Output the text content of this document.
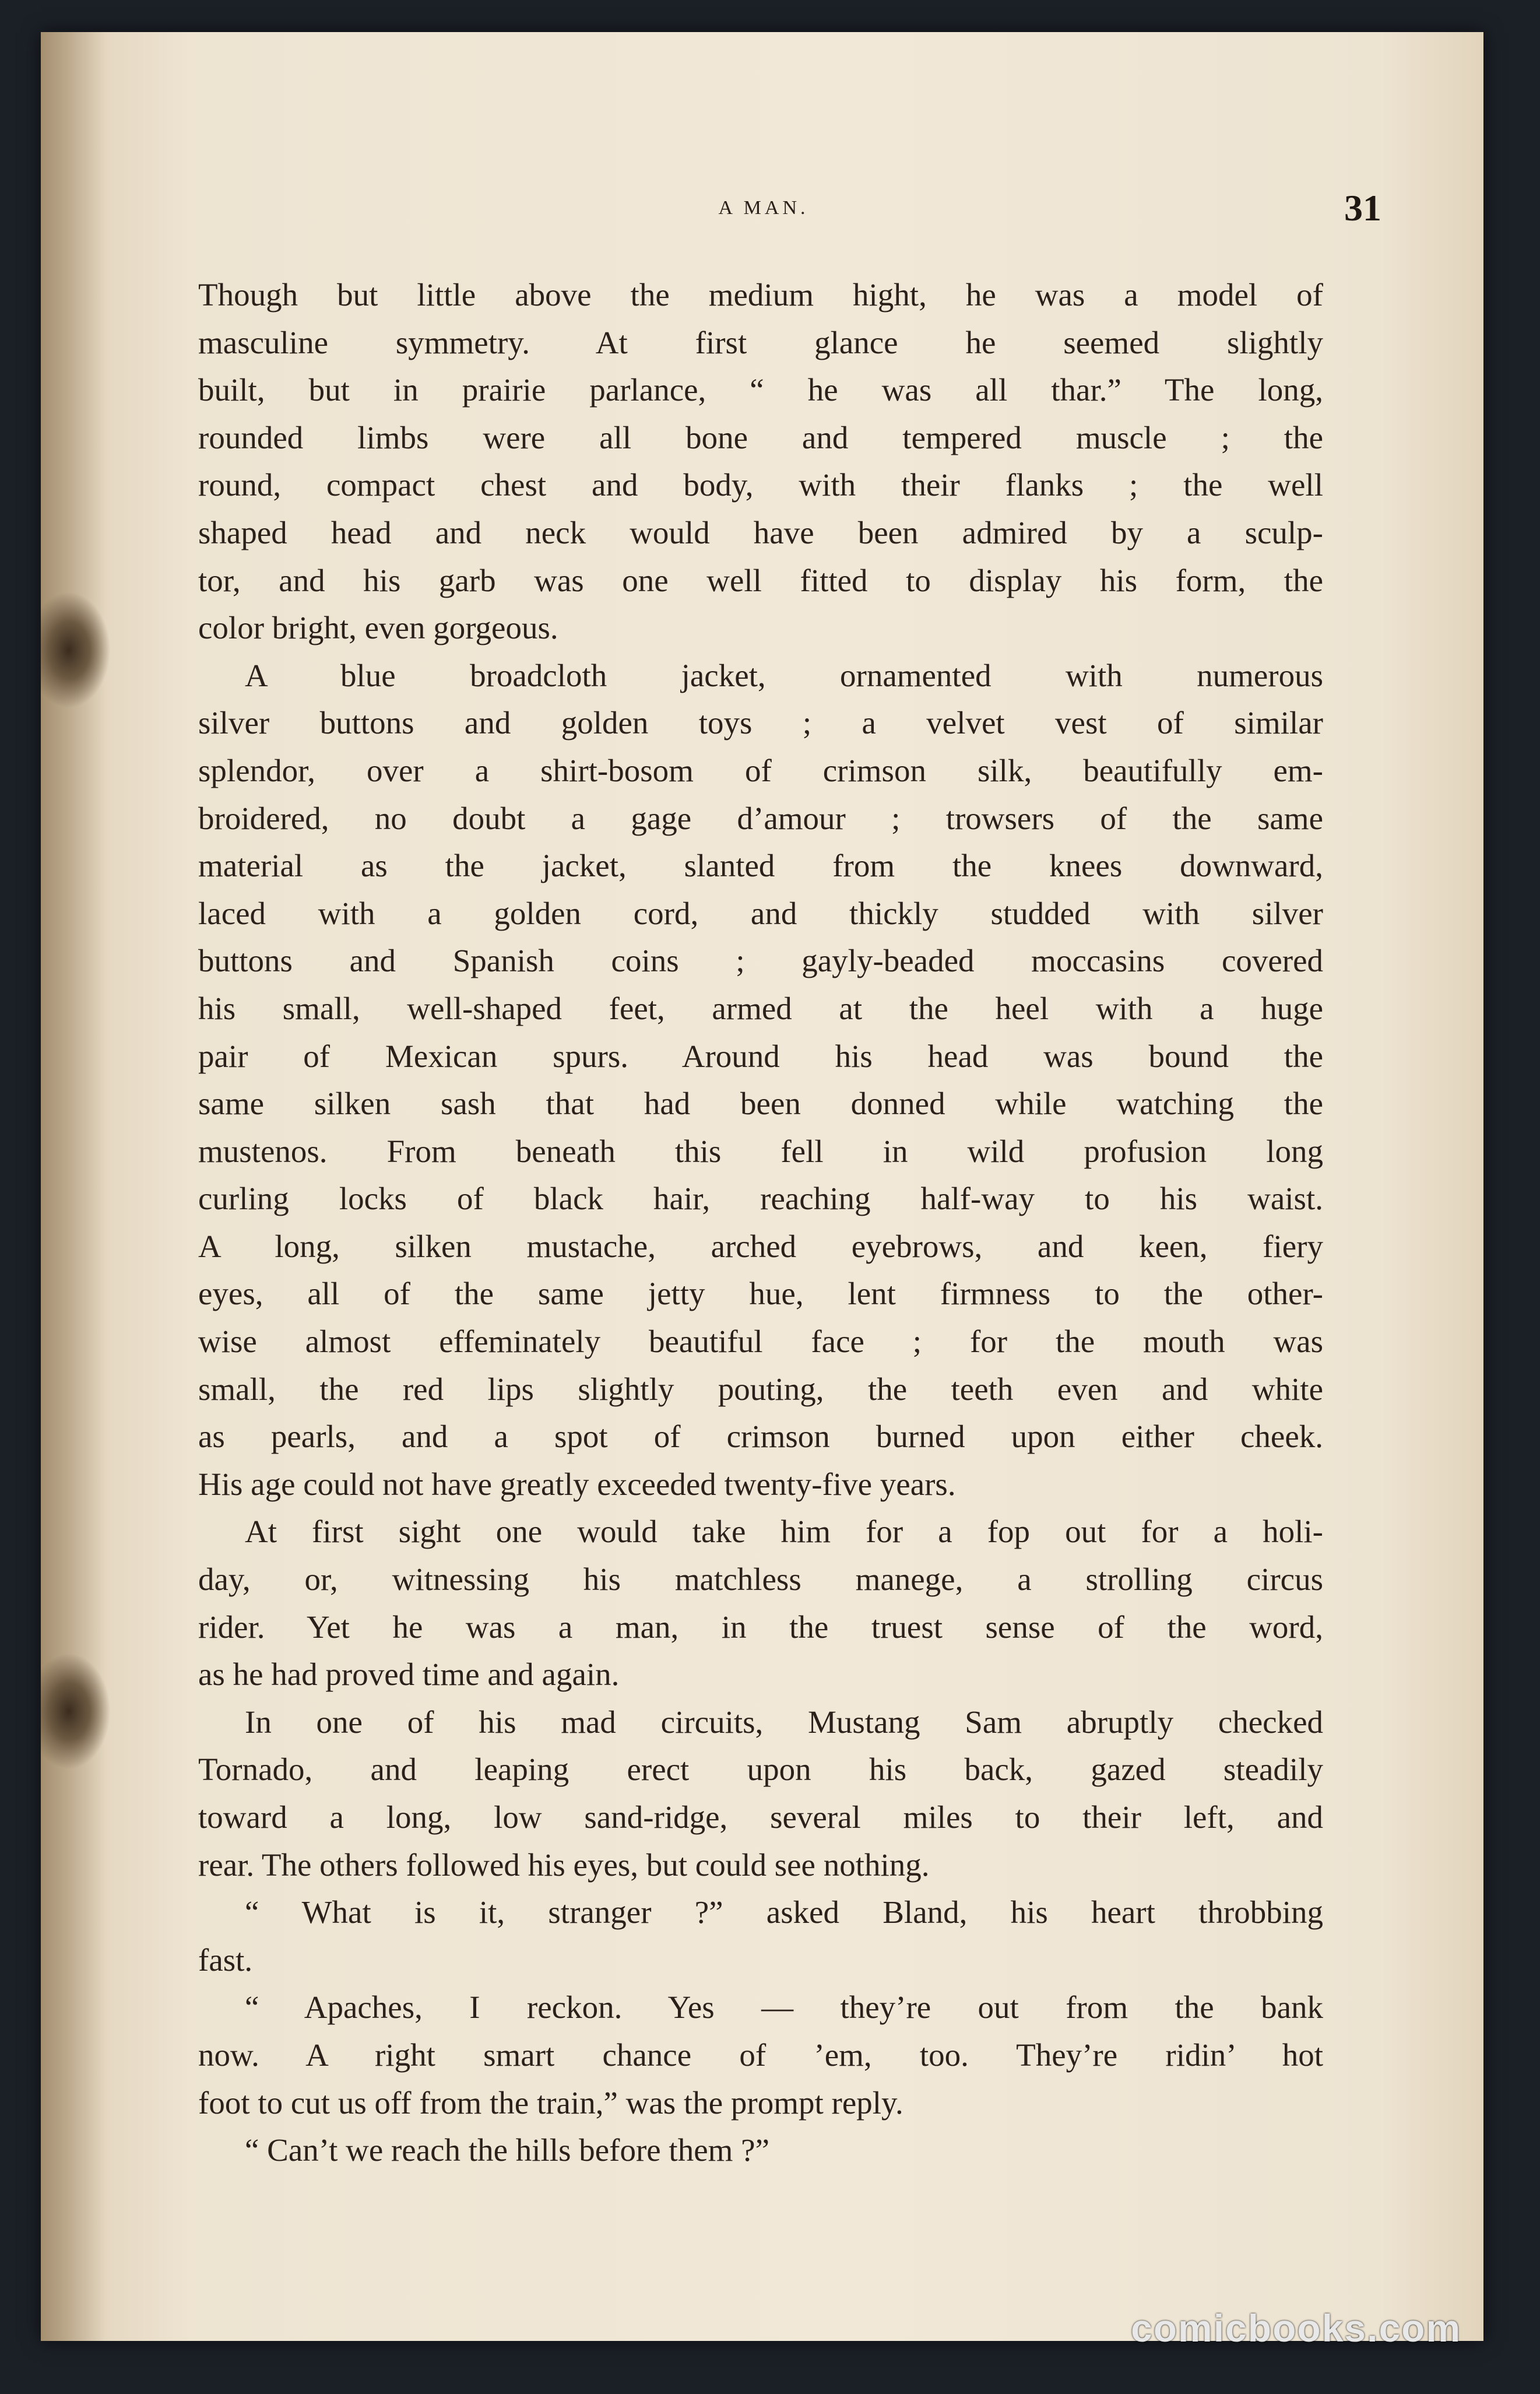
A MAN.	31
Though but little above the medium hight, he was a model of
masculine symmetry. At first glance he seemed slightly
built, but in prairie parlance, “ he was all thar.” The long,
rounded limbs were all bone and tempered muscle ; the
round, compact chest and body, with their flanks ; the well
shaped head and neck would have been admired by a sculp-
tor, and his garb was one well fitted to display his form, the
color bright, even gorgeous.
A blue broadcloth jacket, ornamented with numerous
silver buttons and golden toys ; a velvet vest of similar
splendor, over a shirt-bosom of crimson silk, beautifully em-
broidered, no doubt a gage d’amour ; trowsers of the same
material as the jacket, slanted from the knees downward,
laced with a golden cord, and thickly studded with silver
buttons and Spanish coins ; gayly-beaded moccasins covered
his small, well-shaped feet, armed at the heel with a huge
pair of Mexican spurs. Around his head was bound the
same silken sash that had been donned while watching the
mustenos. From beneath this fell in wild profusion long
curling locks of black hair, reaching half-way to his waist.
A long, silken mustache, arched eyebrows, and keen, fiery
eyes, all of the same jetty hue, lent firmness to the other-
wise almost effeminately beautiful face ; for the mouth was
small, the red lips slightly pouting, the teeth even and white
as pearls, and a spot of crimson burned upon either cheek.
His age could not have greatly exceeded twenty-five years.
At first sight one would take him for a fop out for a holi-
day, or, witnessing his matchless manege, a strolling circus
rider. Yet he was a man, in the truest sense of the word,
as he had proved time and again.
In one of his mad circuits, Mustang Sam abruptly checked
Tornado, and leaping erect upon his back, gazed steadily
toward a long, low sand-ridge, several miles to their left, and
rear. The others followed his eyes, but could see nothing.
“ What is it, stranger ?” asked Bland, his heart throbbing
fast.
“ Apaches, I reckon. Yes — they’re out from the bank
now. A right smart chance of ’em, too. They’re ridin’ hot
foot to cut us off from the train,” was the prompt reply.
“ Can’t we reach the hills before them ?”
comicbooks.com
